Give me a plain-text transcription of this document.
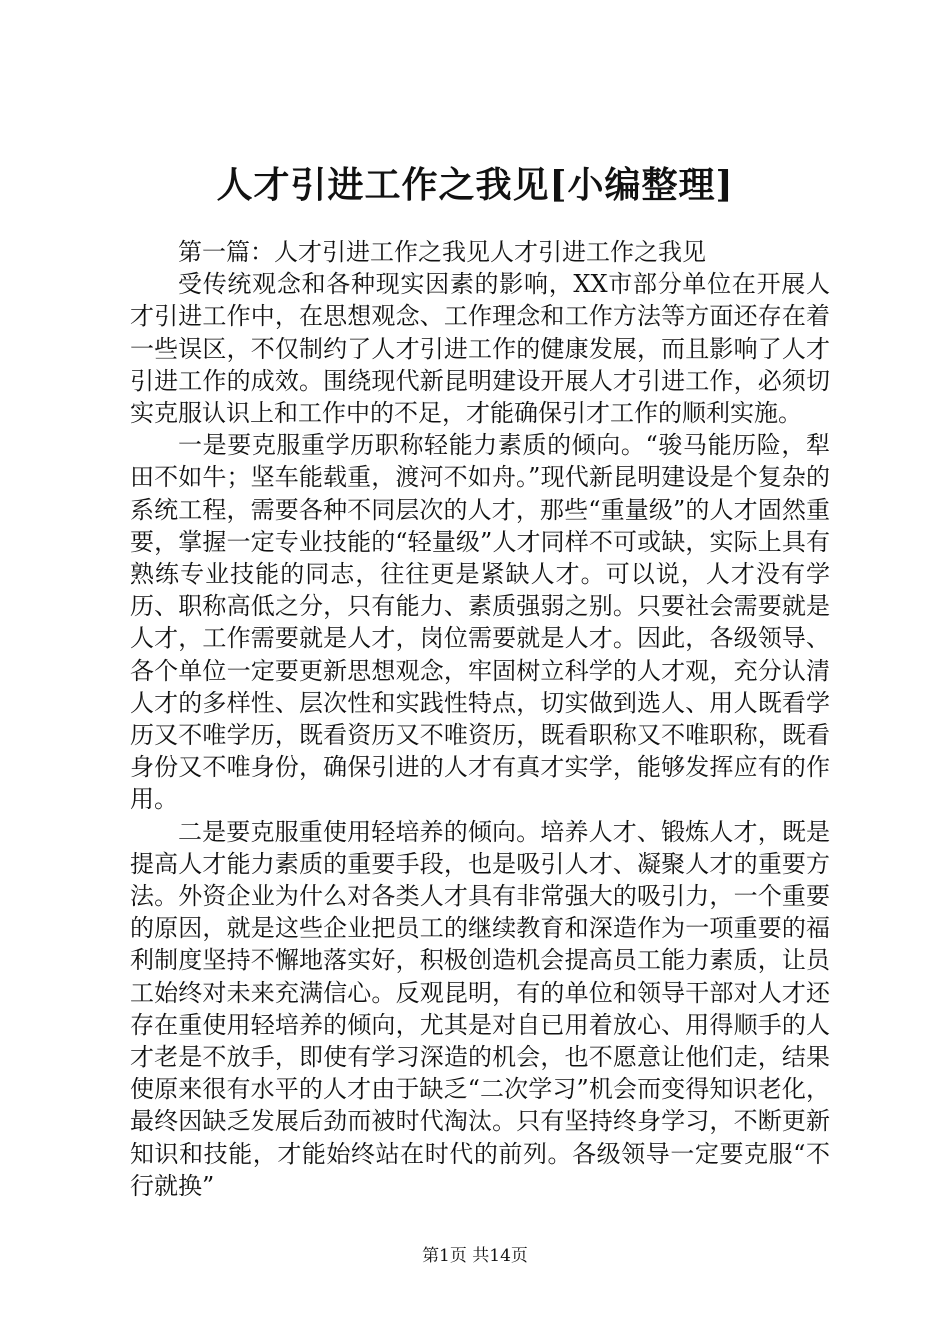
人才引进工作之我见[小编整理]

第一篇：人才引进工作之我见人才引进工作之我见

受传统观念和各种现实因素的影响，XX市部分单位在开展人才引进工作中，在思想观念、工作理念和工作方法等方面还存在着一些误区，不仅制约了人才引进工作的健康发展，而且影响了人才引进工作的成效。围绕现代新昆明建设开展人才引进工作，必须切实克服认识上和工作中的不足，才能确保引才工作的顺利实施。

一是要克服重学历职称轻能力素质的倾向。“骏马能历险，犁田不如牛；坚车能载重，渡河不如舟。”现代新昆明建设是个复杂的系统工程，需要各种不同层次的人才，那些“重量级”的人才固然重要，掌握一定专业技能的“轻量级”人才同样不可或缺，实际上具有熟练专业技能的同志，往往更是紧缺人才。可以说，人才没有学历、职称高低之分，只有能力、素质强弱之别。只要社会需要就是人才，工作需要就是人才，岗位需要就是人才。因此，各级领导、各个单位一定要更新思想观念，牢固树立科学的人才观，充分认清人才的多样性、层次性和实践性特点，切实做到选人、用人既看学历又不唯学历，既看资历又不唯资历，既看职称又不唯职称，既看身份又不唯身份，确保引进的人才有真才实学，能够发挥应有的作用。

二是要克服重使用轻培养的倾向。培养人才、锻炼人才，既是提高人才能力素质的重要手段，也是吸引人才、凝聚人才的重要方法。外资企业为什么对各类人才具有非常强大的吸引力，一个重要的原因，就是这些企业把员工的继续教育和深造作为一项重要的福利制度坚持不懈地落实好，积极创造机会提高员工能力素质，让员工始终对未来充满信心。反观昆明，有的单位和领导干部对人才还存在重使用轻培养的倾向，尤其是对自已用着放心、用得顺手的人才老是不放手，即使有学习深造的机会，也不愿意让他们走，结果使原来很有水平的人才由于缺乏“二次学习”机会而变得知识老化，最终因缺乏发展后劲而被时代淘汰。只有坚持终身学习，不断更新知识和技能，才能始终站在时代的前列。各级领导一定要克服“不行就换”

第1页 共14页
